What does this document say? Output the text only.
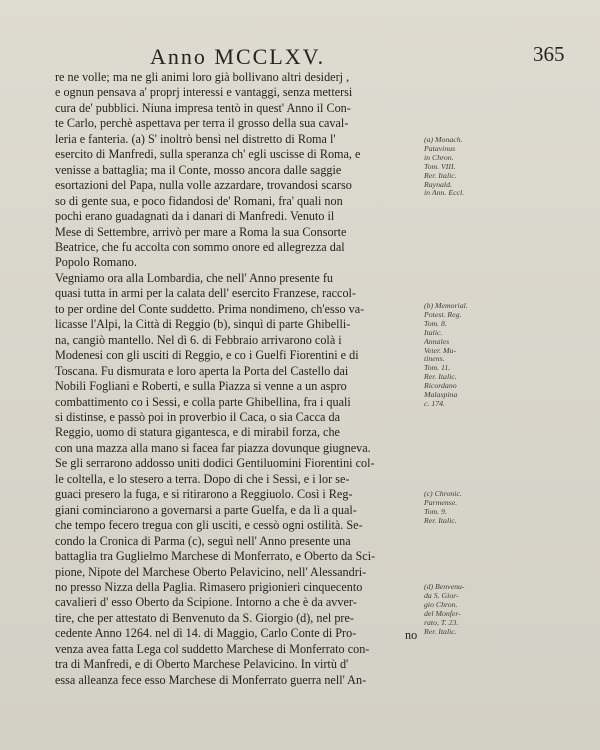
Anno MCCLXV.	365
re ne volle; ma ne gli animi loro già bollivano altri desiderj ,
e ognun pensava a' proprj interessi e vantaggi, senza mettersi
cura de' pubblici. Niuna impresa tentò in quest' Anno il Con-
te Carlo, perchè aspettava per terra il grosso della sua caval-
leria e fanteria. (a) S' inoltrò bensì nel distretto di Roma l'
esercito di Manfredi, sulla speranza ch' egli uscisse di Roma, e
venisse a battaglia; ma il Conte, mosso ancora dalle saggie
esortazioni del Papa, nulla volle azzardare, trovandosi scarso
so di gente sua, e poco fidandosi de' Romani, fra' quali non
pochi erano guadagnati da i danari di Manfredi. Venuto il
Mese di Settembre, arrivò per mare a Roma la sua Consorte
Beatrice, che fu accolta con sommo onore ed allegrezza dal
Popolo Romano.
Vegniamo ora alla Lombardia, che nell' Anno presente fu
quasi tutta in armi per la calata dell' esercito Franzese, raccol-
to per ordine del Conte suddetto. Prima nondimeno, ch'esso va-
licasse l'Alpi, la Città di Reggio (b), sinquì di parte Ghibelli-
na, cangiò mantello. Nel dì 6. di Febbraio arrivarono colà i
Modenesi con gli usciti di Reggio, e co i Guelfi Fiorentini e di
Toscana. Fu dismurata e loro aperta la Porta del Castello dai
Nobili Fogliani e Roberti, e sulla Piazza si venne a un aspro
combattimento co i Sessi, e colla parte Ghibellina, fra i quali
si distinse, e passò poi in proverbio il Caca, o sia Cacca da
Reggio, uomo di statura gigantesca, e di mirabil forza, che
con una mazza alla mano si facea far piazza dovunque giugneva.
Se gli serrarono addosso uniti dodici Gentiluomini Fiorentini col-
le coltella, e lo stesero a terra. Dopo di che i Sessi, e i lor se-
guaci presero la fuga, e si ritirarono a Reggiuolo. Così i Reg-
giani cominciarono a governarsi a parte Guelfa, e da lì a qual-
che tempo fecero tregua con gli usciti, e cessò ogni ostilità. Se-
condo la Cronica di Parma (c), seguì nell' Anno presente una
battaglia tra Guglielmo Marchese di Monferrato, e Oberto da Sci-
pione, Nipote del Marchese Oberto Pelavicino, nell' Alessandri-
no presso Nizza della Paglia. Rimasero prigionieri cinquecento
cavalieri d' esso Oberto da Scipione. Intorno a che è da avver-
tire, che per attestato di Benvenuto da S. Giorgio (d), nel pre-
cedente Anno 1264. nel dì 14. di Maggio, Carlo Conte di Pro-
venza avea fatta Lega col suddetto Marchese di Monferrato con-
tra di Manfredi, e di Oberto Marchese Pelavicino. In virtù d'
essa alleanza fece esso Marchese di Monferrato guerra nell' An-

(a) Monach.
Patavinus
in Chron.
Tom. VIII.
Rer. Italic.
Raynald.
in Ann. Eccl.

(b) Memorial.
Potest. Reg.
Tom. 8.
Italic.
Annales
Veter. Mu-
tinens.
Tom. 11.
Rer. Italic.
Ricordano
Malaspina
c. 174.

(c) Chronic.
Parmense.
Tom. 9.
Rer. Italic.

(d) Benvenu-
da S. Gior-
gio Chron.
del Monfer-
rato, T. 23.
Rer. Italic.

no
